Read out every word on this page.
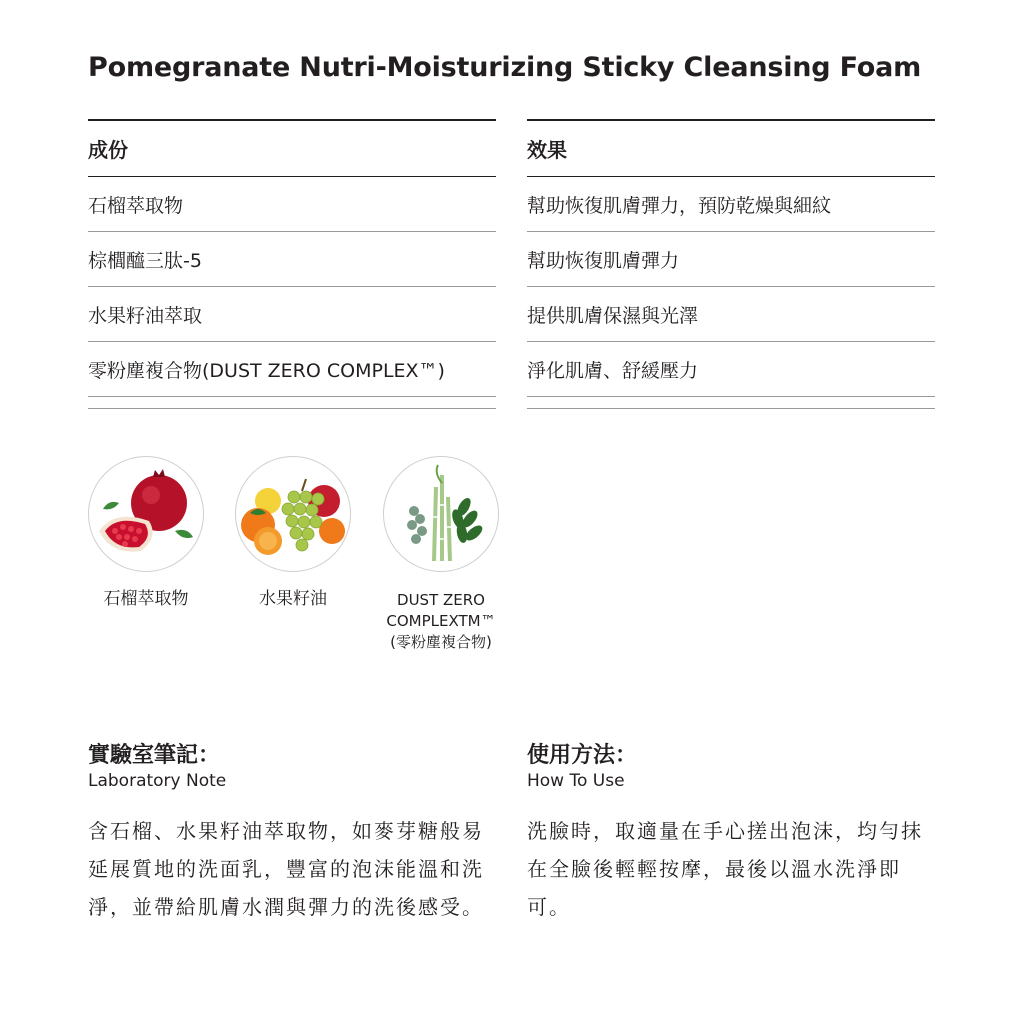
Pomegranate Nutri-Moisturizing Sticky Cleansing Foam
成份
石榴萃取物
棕櫚醯三肽-5
水果籽油萃取
零粉塵複合物(DUST ZERO COMPLEX™)
效果
幫助恢復肌膚彈力，預防乾燥與細紋
幫助恢復肌膚彈力
提供肌膚保濕與光澤
淨化肌膚、舒緩壓力
石榴萃取物	水果籽油	DUST ZERO
COMPLEXTM™
(零粉塵複合物)
實驗室筆記：
Laboratory Note
含石榴、水果籽油萃取物，如麥芽糖般易延展質地的洗面乳，豐富的泡沫能溫和洗淨，並帶給肌膚水潤與彈力的洗後感受。
使用方法：
How To Use
洗臉時，取適量在手心搓出泡沫，均勻抹在全臉後輕輕按摩，最後以溫水洗淨即可。
